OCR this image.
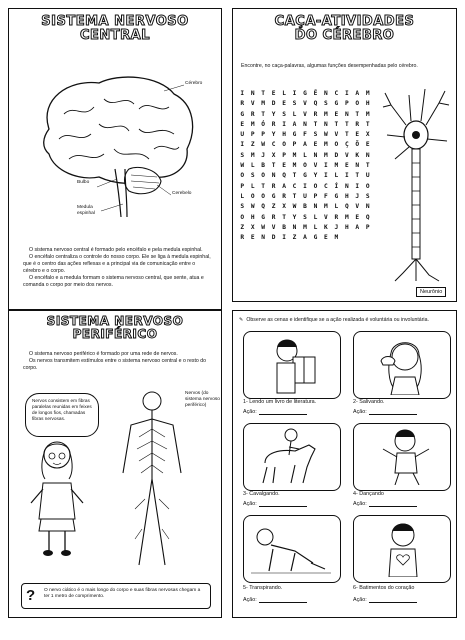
SISTEMA NERVOSO
CENTRAL
Cérebro
Bulbo
Cerebelo
Medula espinhal
O sistema nervoso central é formado pelo encéfalo e pela medula espinhal.
O encéfalo centraliza o controle do nosso corpo. Ele se liga à medula espinhal, que é o centro das ações reflexas e a principal via de comunicação entre o cérebro e o corpo.
O encéfalo e a medula formam o sistema nervoso central, que sente, atua e comanda o corpo por meio dos nervos.
CAÇA-ATIVIDADES
DO CÉREBRO
Encontre, no caça-palavras, algumas funções desempenhadas pelo cérebro.
I	N	T	E	L	I	G	Ê	N	C	I	A	M
R	V	M	D	E	S	V	Q	S	G	P	O	H
G	R	T	Y	S	L	V	R	M	E	N	T	M
E	M	Ó	R	I	A	N	T	N	T	T	R	T
U	P	P	Y	H	G	F	S	W	V	T	E	X
I	Z	W	C	O	P	A	E	M	O	Ç	Õ	E
S	M	J	X	P	M	L	N	M	D	V	K	N
W	L	B	T	E	M	O	V	I	M	E	N	T
O	S	O	N	Q	T	G	Y	I	L	I	T	U
P	L	T	R	A	C	I	O	C	Í	N	I	O
L	O	O	G	R	T	U	P	F	G	H	J	S
S	W	Q	Z	X	W	B	N	M	L	Q	V	N
O	H	G	R	T	Y	S	L	V	R	M	E	Q
Z	X	W	V	B	N	M	L	K	J	H	A	P
R	E	N	D	I	Z	A	G	E	M
Neurônio
SISTEMA NERVOSO
PERIFÉRICO
O sistema nervoso periférico é formado por uma rede de nervos.
Os nervos transmitem estímulos entre o sistema nervoso central e o resto do corpo.
Nervos consistem em fibras paralelas reunidas em feixes de longos fios, chamadas fibras nervosas.
Nervos (do sistema nervoso periférico)
? O nervo ciático é o mais longo do corpo e suas fibras nervosas chegam a ter 1 metro de comprimento.
✎ Observe as cenas e identifique se a ação realizada é voluntária ou involuntária.
1- Lendo um livro de literatura.
Ação:
2- Salivando.
Ação:
3- Cavalgando.
Ação:
4- Dançando
Ação:
5- Transpirando.
Ação:
6- Batimentos do coração
Ação:
